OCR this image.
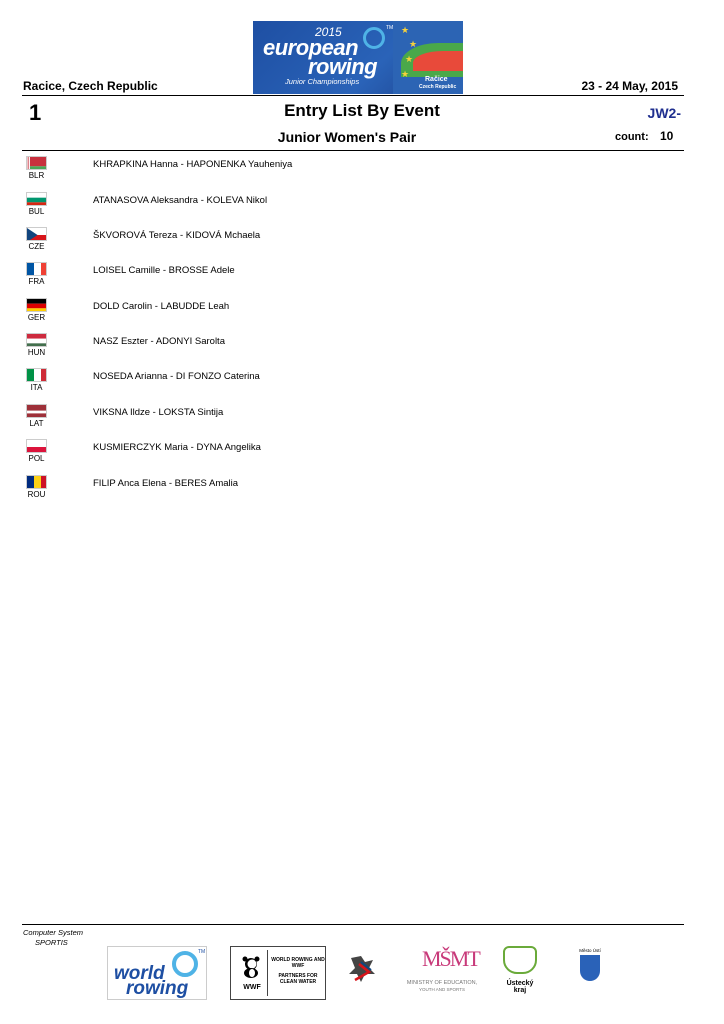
★
★
★
★
TM
2015
european
rowing
Junior Championships	Račice
Czech Republic
Racice, Czech Republic	23 - 24 May, 2015
1	Entry List By Event	JW2-
Junior Women's Pair	count: 10
BLR
KHRAPKINA Hanna - HAPONENKA Yauheniya
BUL
ATANASOVA Aleksandra - KOLEVA Nikol
CZE
ŠKVOROVÁ Tereza - KIDOVÁ Mchaela
FRA
LOISEL Camille - BROSSE Adele
GER
DOLD Carolin - LABUDDE Leah
HUN
NASZ Eszter - ADONYI Sarolta
ITA
NOSEDA Arianna - DI FONZO Caterina
LAT
VIKSNA Ildze - LOKSTA Sintija
POL
KUSMIERCZYK Maria - DYNA Angelika
ROU
FILIP Anca Elena - BERES Amalia
Computer System
SPORTIS
TM
world
rowing	WWF
WORLD ROWING AND WWF
PARTNERS FOR CLEAN WATER
MŠMT
MINISTRY OF EDUCATION,
YOUTH AND SPORTS
Ústecký kraj
Město Ústí
